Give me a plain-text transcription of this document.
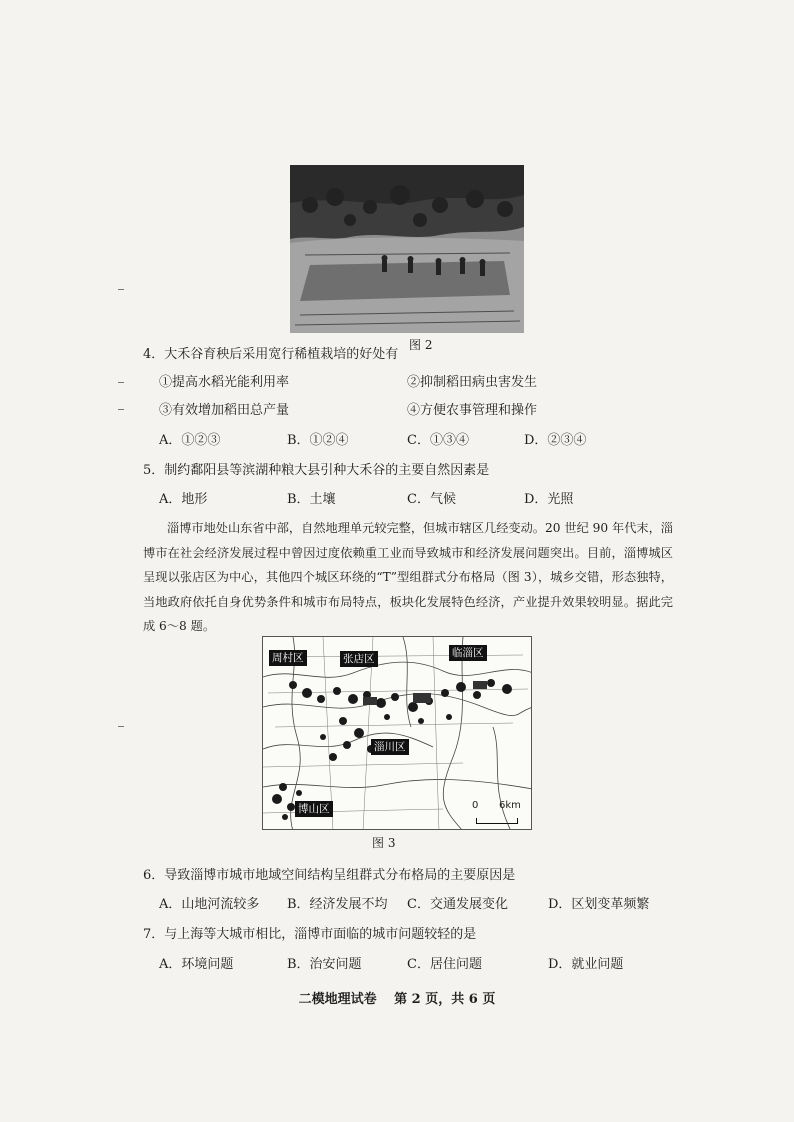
图 2
4．大禾谷育秧后采用宽行稀植栽培的好处有
①提高水稻光能利用率	②抑制稻田病虫害发生
③有效增加稻田总产量	④方便农事管理和操作
A．①②③	B．①②④	C．①③④	D．②③④
5．制约鄱阳县等滨湖种粮大县引种大禾谷的主要自然因素是
A．地形	B．土壤	C．气候	D．光照
淄博市地处山东省中部，自然地理单元较完整，但城市辖区几经变动。20 世纪 90 年代末，淄博市在社会经济发展过程中曾因过度依赖重工业而导致城市和经济发展问题突出。目前，淄博城区呈现以张店区为中心，其他四个城区环绕的“T”型组群式分布格局（图 3），城乡交错，形态独特，当地政府依托自身优势条件和城市布局特点，板块化发展特色经济，产业提升效果较明显。据此完成 6～8 题。
周村区	张店区	临淄区
淄川区
博山区	0 6km
图 3
6．导致淄博市城市地域空间结构呈组群式分布格局的主要原因是
A．山地河流较多 B．经济发展不均 C．交通发展变化	D．区划变革频繁
7．与上海等大城市相比，淄博市面临的城市问题较轻的是
A．环境问题	B．治安问题	C．居住问题	D．就业问题
二模地理试卷　 第 2 页，共 6 页
